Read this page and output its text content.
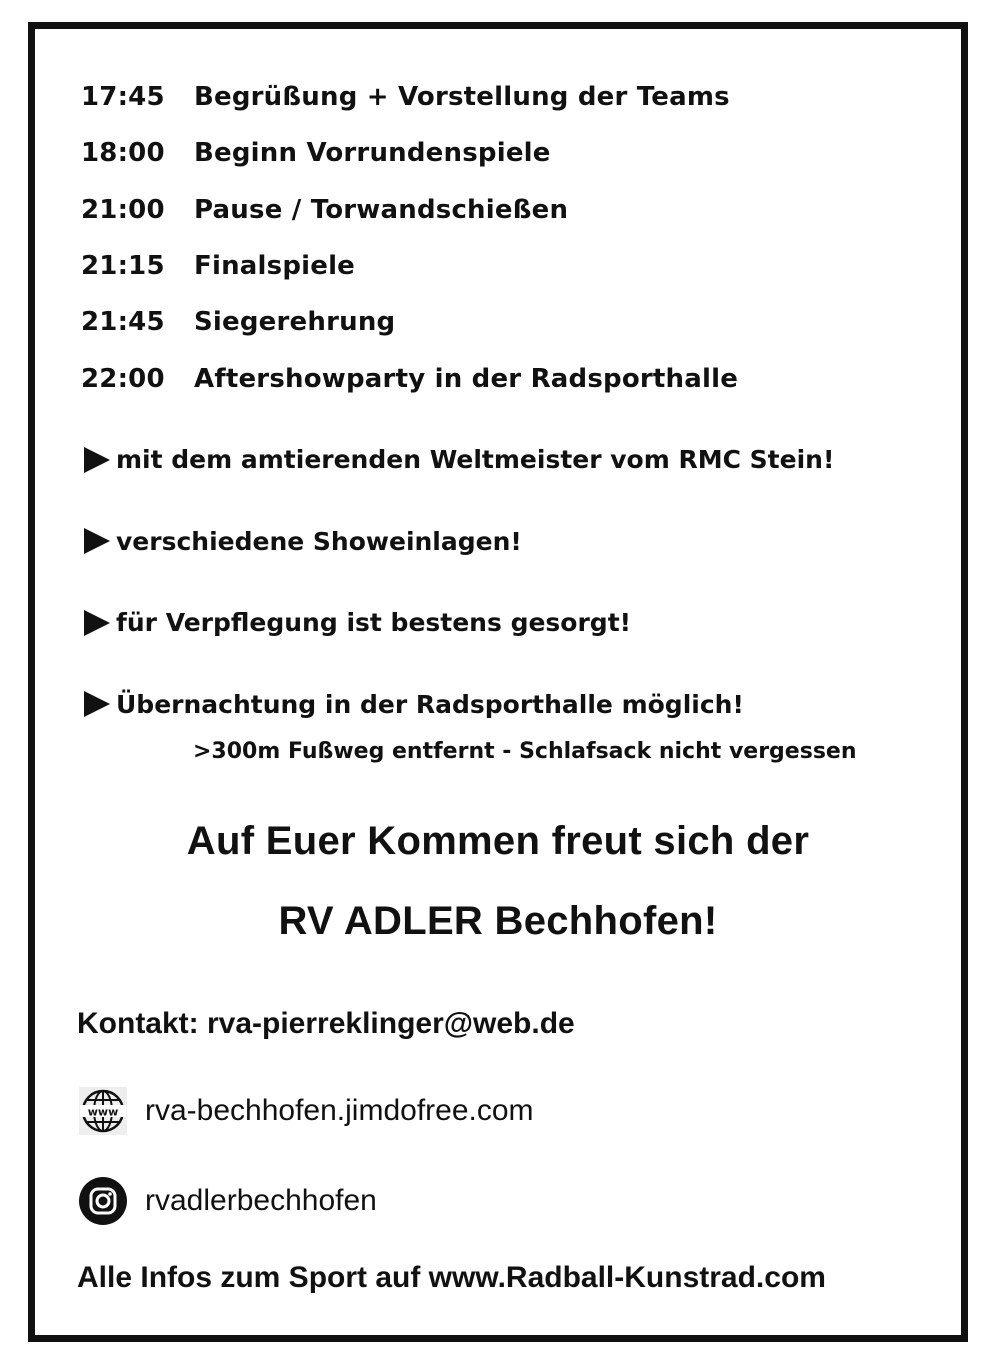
17:45	Begrüßung + Vorstellung der Teams
18:00	Beginn Vorrundenspiele
21:00	Pause / Torwandschießen
21:15	Finalspiele
21:45	Siegerehrung
22:00	Aftershowparty in der Radsporthalle
mit dem amtierenden Weltmeister vom RMC Stein!
verschiedene Showeinlagen!
für Verpflegung ist bestens gesorgt!
Übernachtung in der Radsporthalle möglich!
>300m Fußweg entfernt - Schlafsack nicht vergessen
Auf Euer Kommen freut sich der
RV ADLER Bechhofen!
Kontakt: rva-pierreklinger@web.de
www rva-bechhofen.jimdofree.com
rvadlerbechhofen
Alle Infos zum Sport auf www.Radball-Kunstrad.com
